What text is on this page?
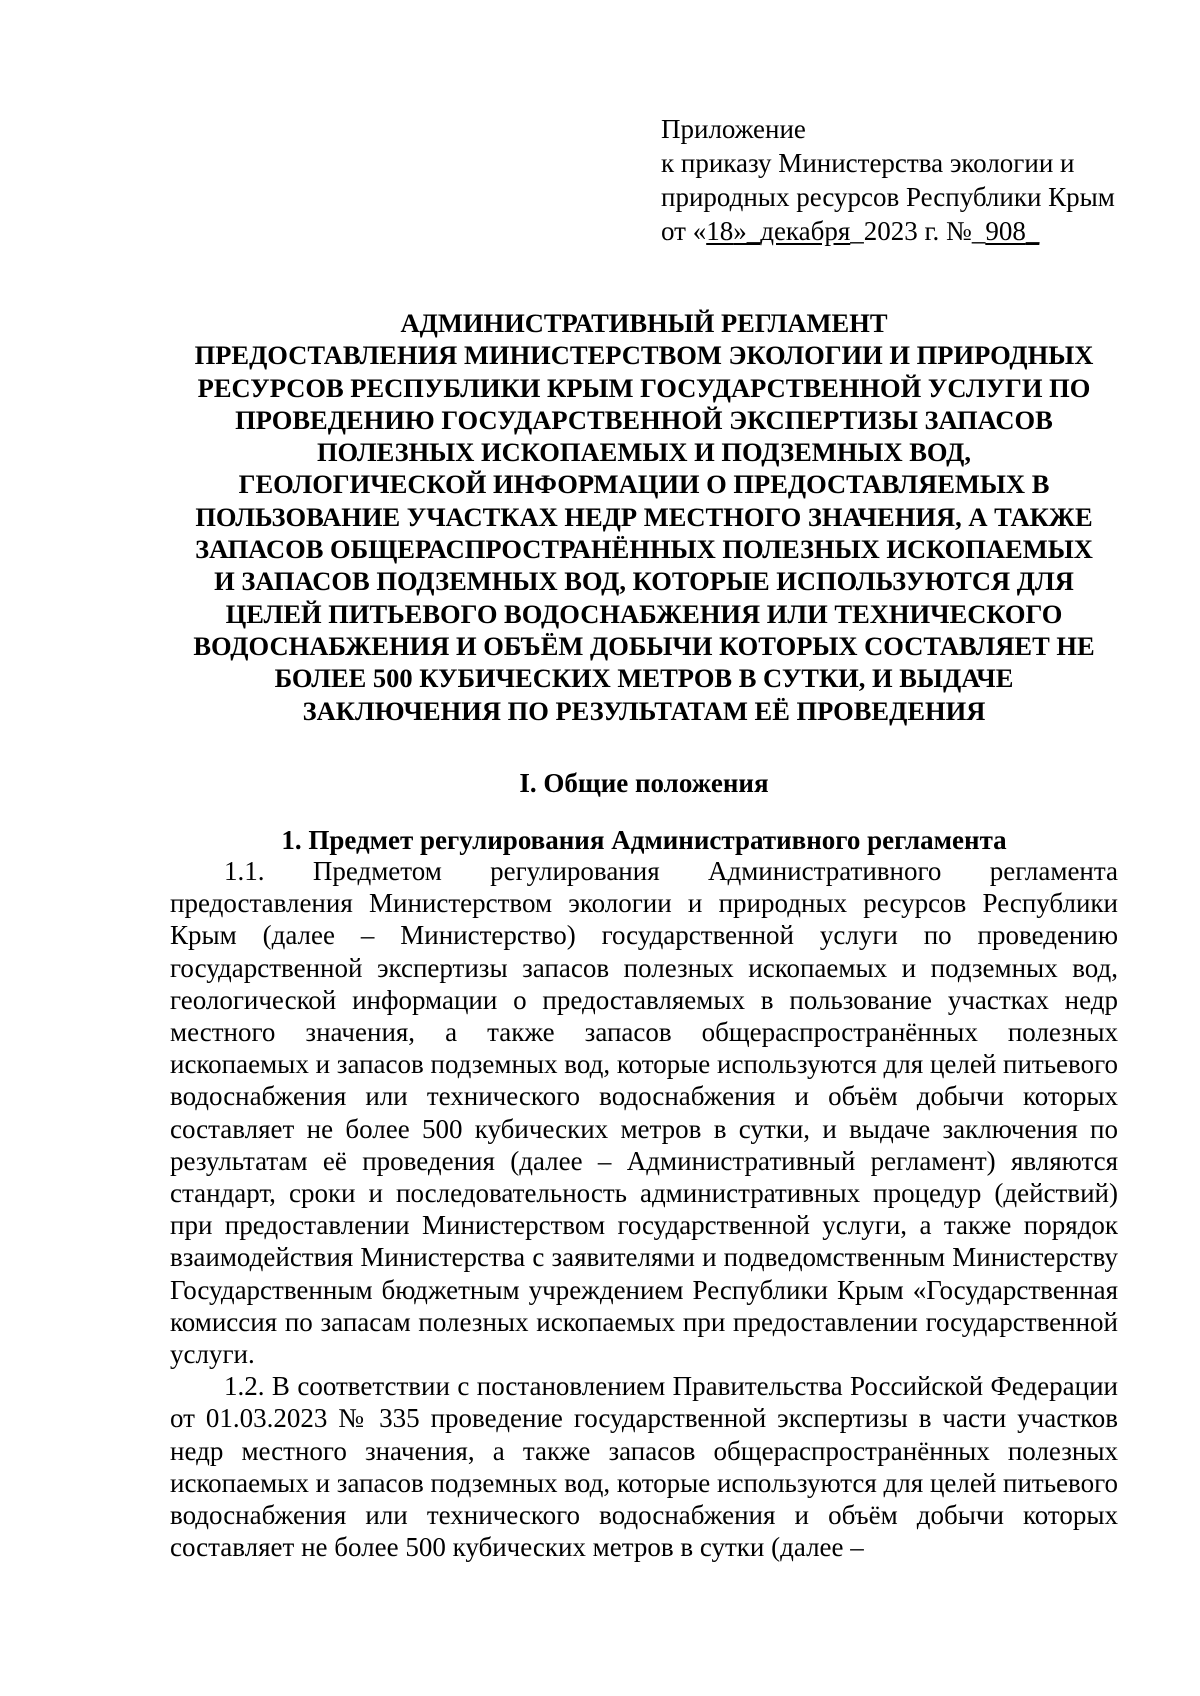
Приложение
к приказу Министерства экологии и
природных ресурсов Республики Крым
от «18»_декабря_2023 г. №_908_
АДМИНИСТРАТИВНЫЙ РЕГЛАМЕНТ
ПРЕДОСТАВЛЕНИЯ МИНИСТЕРСТВОМ ЭКОЛОГИИ И ПРИРОДНЫХ
РЕСУРСОВ РЕСПУБЛИКИ КРЫМ ГОСУДАРСТВЕННОЙ УСЛУГИ ПО
ПРОВЕДЕНИЮ ГОСУДАРСТВЕННОЙ ЭКСПЕРТИЗЫ ЗАПАСОВ
ПОЛЕЗНЫХ ИСКОПАЕМЫХ И ПОДЗЕМНЫХ ВОД,
ГЕОЛОГИЧЕСКОЙ ИНФОРМАЦИИ О ПРЕДОСТАВЛЯЕМЫХ В
ПОЛЬЗОВАНИЕ УЧАСТКАХ НЕДР МЕСТНОГО ЗНАЧЕНИЯ, А ТАКЖЕ
ЗАПАСОВ ОБЩЕРАСПРОСТРАНЁННЫХ ПОЛЕЗНЫХ ИСКОПАЕМЫХ
И ЗАПАСОВ ПОДЗЕМНЫХ ВОД, КОТОРЫЕ ИСПОЛЬЗУЮТСЯ ДЛЯ
ЦЕЛЕЙ ПИТЬЕВОГО ВОДОСНАБЖЕНИЯ ИЛИ ТЕХНИЧЕСКОГО
ВОДОСНАБЖЕНИЯ И ОБЪЁМ ДОБЫЧИ КОТОРЫХ СОСТАВЛЯЕТ НЕ
БОЛЕЕ 500 КУБИЧЕСКИХ МЕТРОВ В СУТКИ, И ВЫДАЧЕ
ЗАКЛЮЧЕНИЯ ПО РЕЗУЛЬТАТАМ ЕЁ ПРОВЕДЕНИЯ
I. Общие положения
1. Предмет регулирования Административного регламента

1.1. Предметом регулирования Административного регламента предоставления Министерством экологии и природных ресурсов Республики Крым (далее – Министерство) государственной услуги по проведению государственной экспертизы запасов полезных ископаемых и подземных вод, геологической информации о предоставляемых в пользование участках недр местного значения, а также запасов общераспространённых полезных ископаемых и запасов подземных вод, которые используются для целей питьевого водоснабжения или технического водоснабжения и объём добычи которых составляет не более 500 кубических метров в сутки, и выдаче заключения по результатам её проведения (далее – Административный регламент) являются стандарт, сроки и последовательность административных процедур (действий) при предоставлении Министерством государственной услуги, а также порядок взаимодействия Министерства с заявителями и подведомственным Министерству Государственным бюджетным учреждением Республики Крым «Государственная комиссия по запасам полезных ископаемых при предоставлении государственной услуги.

1.2. В соответствии с постановлением Правительства Российской Федерации от 01.03.2023 № 335 проведение государственной экспертизы в части участков недр местного значения, а также запасов общераспространённых полезных ископаемых и запасов подземных вод, которые используются для целей питьевого водоснабжения или технического водоснабжения и объём добычи которых составляет не более 500 кубических метров в сутки (далее –
